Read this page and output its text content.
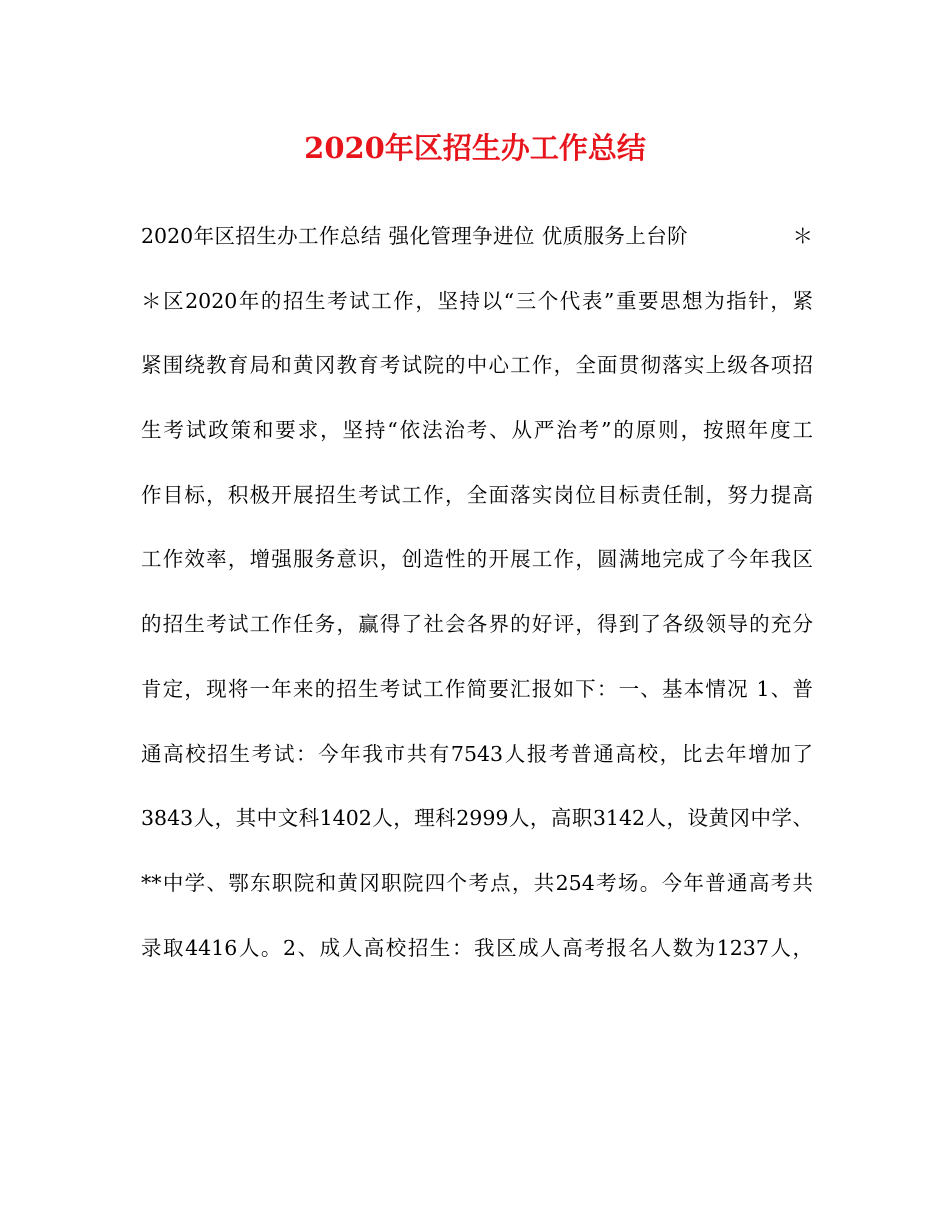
2020年区招生办工作总结
2020年区招生办工作总结 强化管理争进位 优质服务上台阶　　　　　＊
＊区2020年的招生考试工作，坚持以“三个代表”重要思想为指针，紧
紧围绕教育局和黄冈教育考试院的中心工作，全面贯彻落实上级各项招
生考试政策和要求，坚持“依法治考、从严治考”的原则，按照年度工
作目标，积极开展招生考试工作，全面落实岗位目标责任制，努力提高
工作效率，增强服务意识，创造性的开展工作，圆满地完成了今年我区
的招生考试工作任务，赢得了社会各界的好评，得到了各级领导的充分
肯定，现将一年来的招生考试工作简要汇报如下：一、基本情况 1、普
通高校招生考试：今年我市共有7543人报考普通高校，比去年增加了
3843人，其中文科1402人，理科2999人，高职3142人，设黄冈中学、
**中学、鄂东职院和黄冈职院四个考点，共254考场。今年普通高考共
录取4416人。2、成人高校招生：我区成人高考报名人数为1237人，
